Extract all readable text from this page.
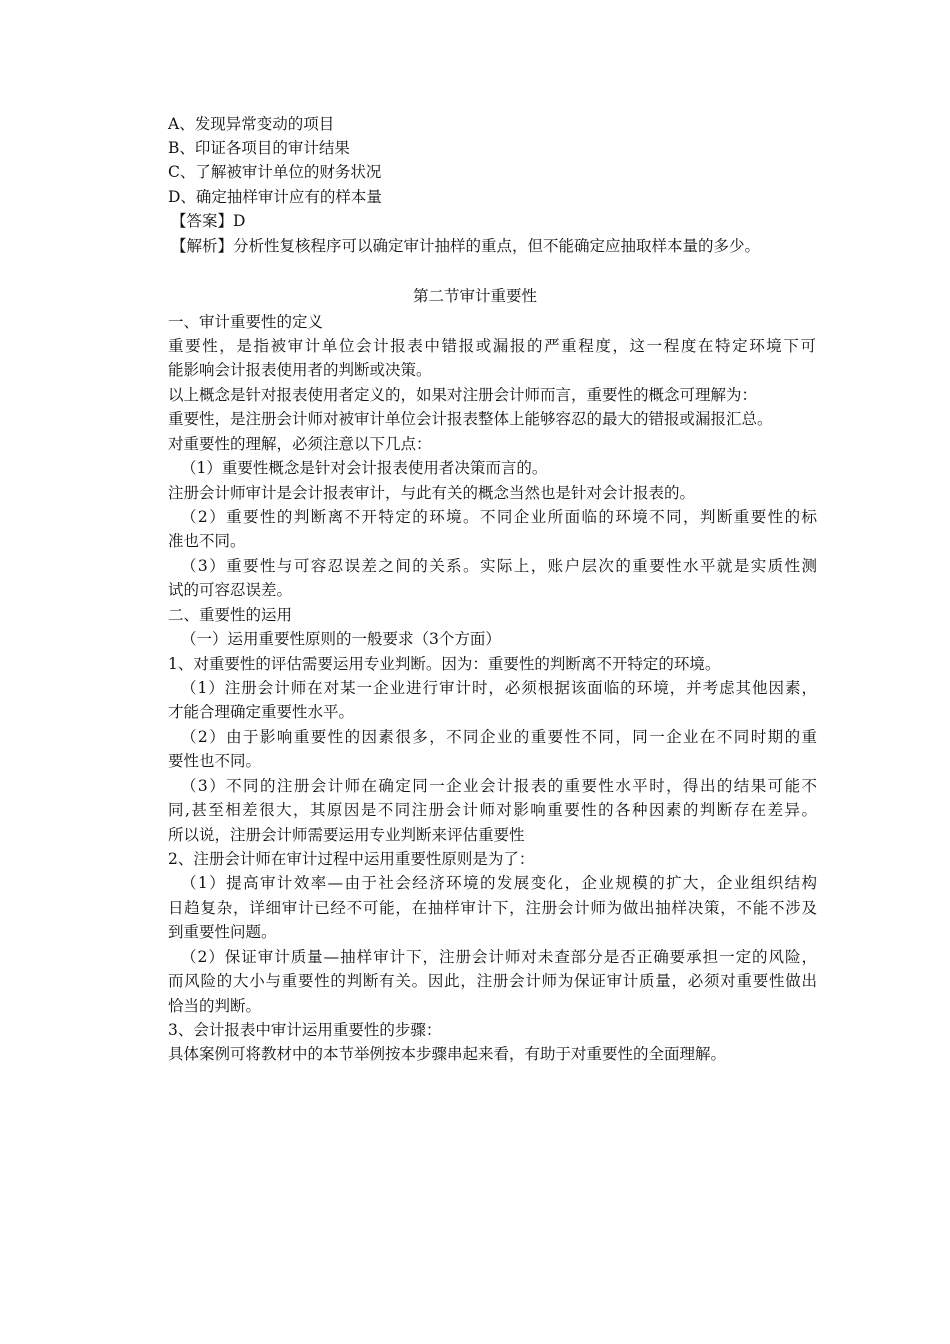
A、发现异常变动的项目
B、印证各项目的审计结果
C、了解被审计单位的财务状况
D、确定抽样审计应有的样本量
【答案】D
【解析】分析性复核程序可以确定审计抽样的重点，但不能确定应抽取样本量的多少。
第二节审计重要性
一、审计重要性的定义
重要性，是指被审计单位会计报表中错报或漏报的严重程度，这一程度在特定环境下可
能影响会计报表使用者的判断或决策。
以上概念是针对报表使用者定义的，如果对注册会计师而言，重要性的概念可理解为：
重要性，是注册会计师对被审计单位会计报表整体上能够容忍的最大的错报或漏报汇总。
对重要性的理解，必须注意以下几点：
（1）重要性概念是针对会计报表使用者决策而言的。
注册会计师审计是会计报表审计，与此有关的概念当然也是针对会计报表的。
（2）重要性的判断离不开特定的环境。不同企业所面临的环境不同，判断重要性的标
准也不同。
（3）重要性与可容忍误差之间的关系。实际上，账户层次的重要性水平就是实质性测
试的可容忍误差。
二、重要性的运用
（一）运用重要性原则的一般要求（3个方面）
1、对重要性的评估需要运用专业判断。因为：重要性的判断离不开特定的环境。
（1）注册会计师在对某一企业进行审计时，必须根据该面临的环境，并考虑其他因素，
才能合理确定重要性水平。
（2）由于影响重要性的因素很多，不同企业的重要性不同，同一企业在不同时期的重
要性也不同。
（3）不同的注册会计师在确定同一企业会计报表的重要性水平时，得出的结果可能不
同,甚至相差很大，其原因是不同注册会计师对影响重要性的各种因素的判断存在差异。
所以说，注册会计师需要运用专业判断来评估重要性
2、注册会计师在审计过程中运用重要性原则是为了：
（1）提高审计效率—由于社会经济环境的发展变化，企业规模的扩大，企业组织结构
日趋复杂，详细审计已经不可能，在抽样审计下，注册会计师为做出抽样决策，不能不涉及
到重要性问题。
（2）保证审计质量—抽样审计下，注册会计师对未查部分是否正确要承担一定的风险，
而风险的大小与重要性的判断有关。因此，注册会计师为保证审计质量，必须对重要性做出
恰当的判断。
3、会计报表中审计运用重要性的步骤：
具体案例可将教材中的本节举例按本步骤串起来看，有助于对重要性的全面理解。
